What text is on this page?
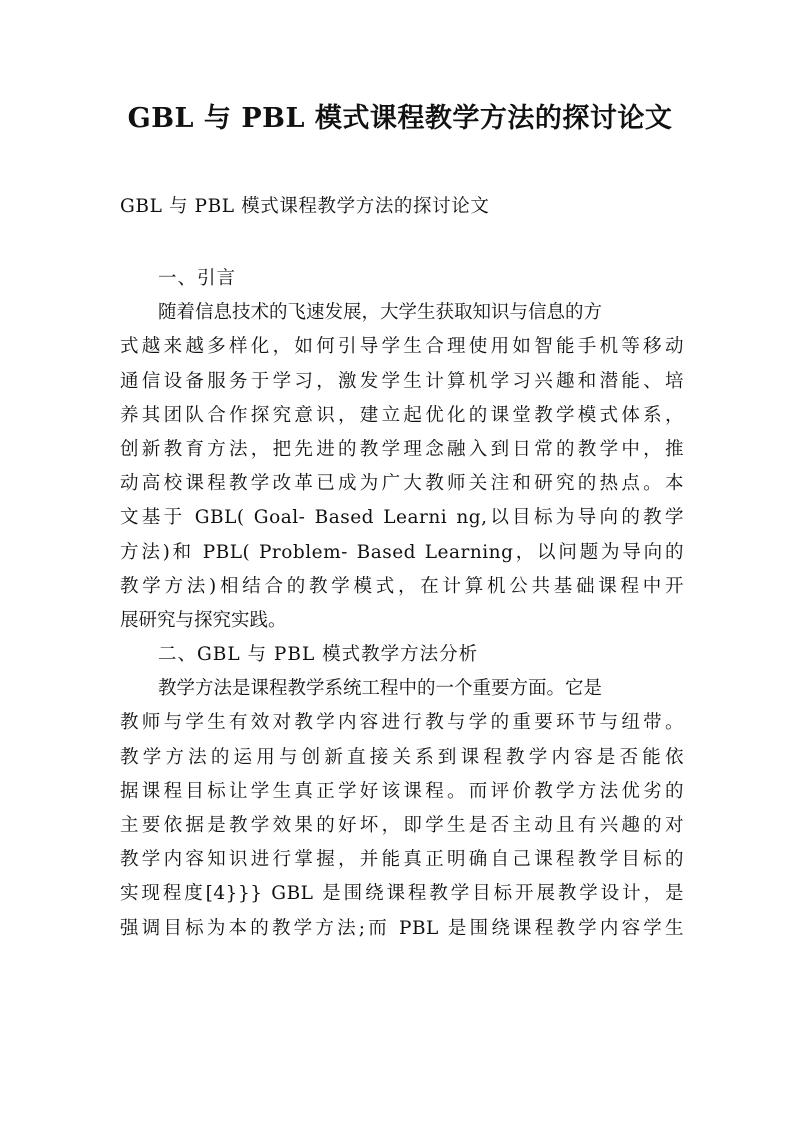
GBL 与 PBL 模式课程教学方法的探讨论文
GBL 与 PBL 模式课程教学方法的探讨论文
一、引言
随着信息技术的飞速发展，大学生获取知识与信息的方
式越来越多样化，如何引导学生合理使用如智能手机等移动
通信设备服务于学习，激发学生计算机学习兴趣和潜能、培
养其团队合作探究意识，建立起优化的课堂教学模式体系，
创新教育方法，把先进的教学理念融入到日常的教学中，推
动高校课程教学改革已成为广大教师关注和研究的热点。本
文基于 GBL( Goal- Based Learni ng,以目标为导向的教学
方法)和 PBL( Problem- Based Learning，以问题为导向的
教学方法)相结合的教学模式，在计算机公共基础课程中开
展研究与探究实践。
二、GBL 与 PBL 模式教学方法分析
教学方法是课程教学系统工程中的一个重要方面。它是
教师与学生有效对教学内容进行教与学的重要环节与纽带。
教学方法的运用与创新直接关系到课程教学内容是否能依
据课程目标让学生真正学好该课程。而评价教学方法优劣的
主要依据是教学效果的好坏，即学生是否主动且有兴趣的对
教学内容知识进行掌握，并能真正明确自己课程教学目标的
实现程度[4}}} GBL 是围绕课程教学目标开展教学设计，是
强调目标为本的教学方法;而 PBL 是围绕课程教学内容学生
